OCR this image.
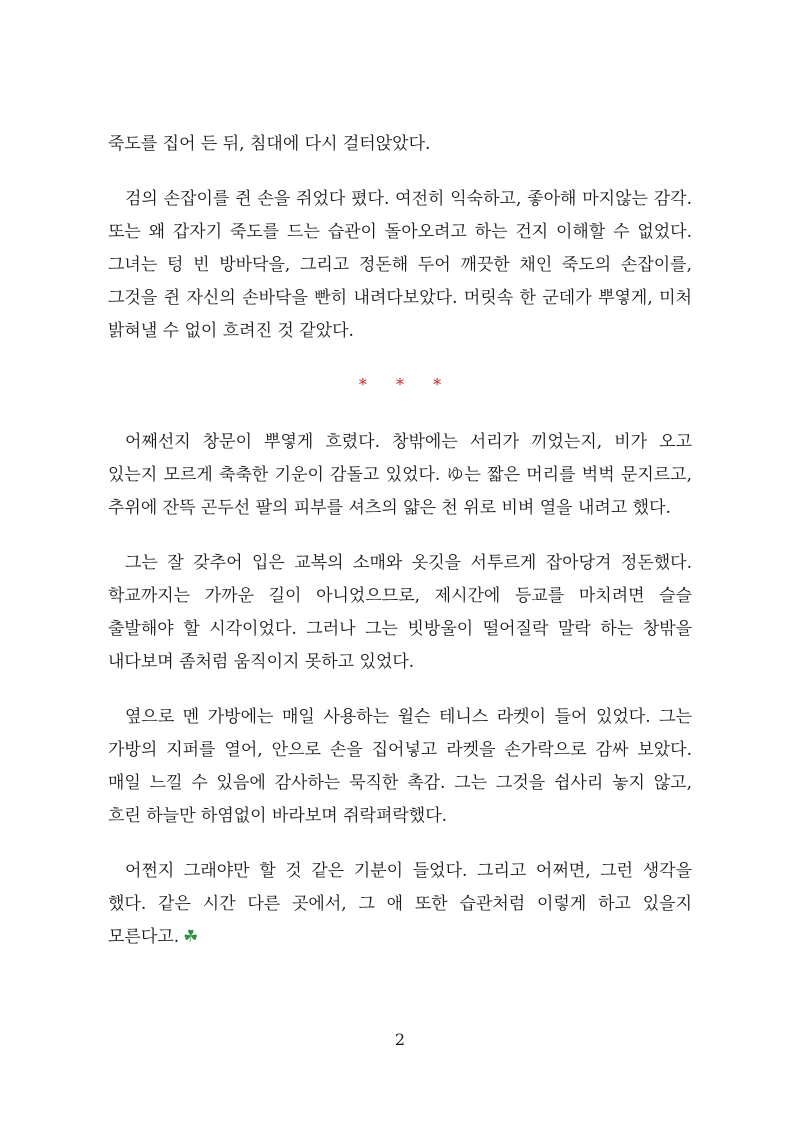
죽도를 집어 든 뒤, 침대에 다시 걸터앉았다.

검의 손잡이를 쥔 손을 쥐었다 폈다. 여전히 익숙하고, 좋아해 마지않는 감각. 또는 왜 갑자기 죽도를 드는 습관이 돌아오려고 하는 건지 이해할 수 없었다. 그녀는 텅 빈 방바닥을, 그리고 정돈해 두어 깨끗한 채인 죽도의 손잡이를, 그것을 쥔 자신의 손바닥을 빤히 내려다보았다. 머릿속 한 군데가 뿌옇게, 미처 밝혀낼 수 없이 흐려진 것 같았다.

* * *

어째선지 창문이 뿌옇게 흐렸다. 창밖에는 서리가 끼었는지, 비가 오고 있는지 모르게 축축한 기운이 감돌고 있었다. ゆ는 짧은 머리를 벅벅 문지르고, 추위에 잔뜩 곤두선 팔의 피부를 셔츠의 얇은 천 위로 비벼 열을 내려고 했다.

그는 잘 갖추어 입은 교복의 소매와 옷깃을 서투르게 잡아당겨 정돈했다. 학교까지는 가까운 길이 아니었으므로, 제시간에 등교를 마치려면 슬슬 출발해야 할 시각이었다. 그러나 그는 빗방울이 떨어질락 말락 하는 창밖을 내다보며 좀처럼 움직이지 못하고 있었다.

옆으로 멘 가방에는 매일 사용하는 윌슨 테니스 라켓이 들어 있었다. 그는 가방의 지퍼를 열어, 안으로 손을 집어넣고 라켓을 손가락으로 감싸 보았다. 매일 느낄 수 있음에 감사하는 묵직한 촉감. 그는 그것을 쉽사리 놓지 않고, 흐린 하늘만 하염없이 바라보며 쥐락펴락했다.

어쩐지 그래야만 할 것 같은 기분이 들었다. 그리고 어쩌면, 그런 생각을 했다. 같은 시간 다른 곳에서, 그 애 또한 습관처럼 이렇게 하고 있을지 모른다고. ☘

2
